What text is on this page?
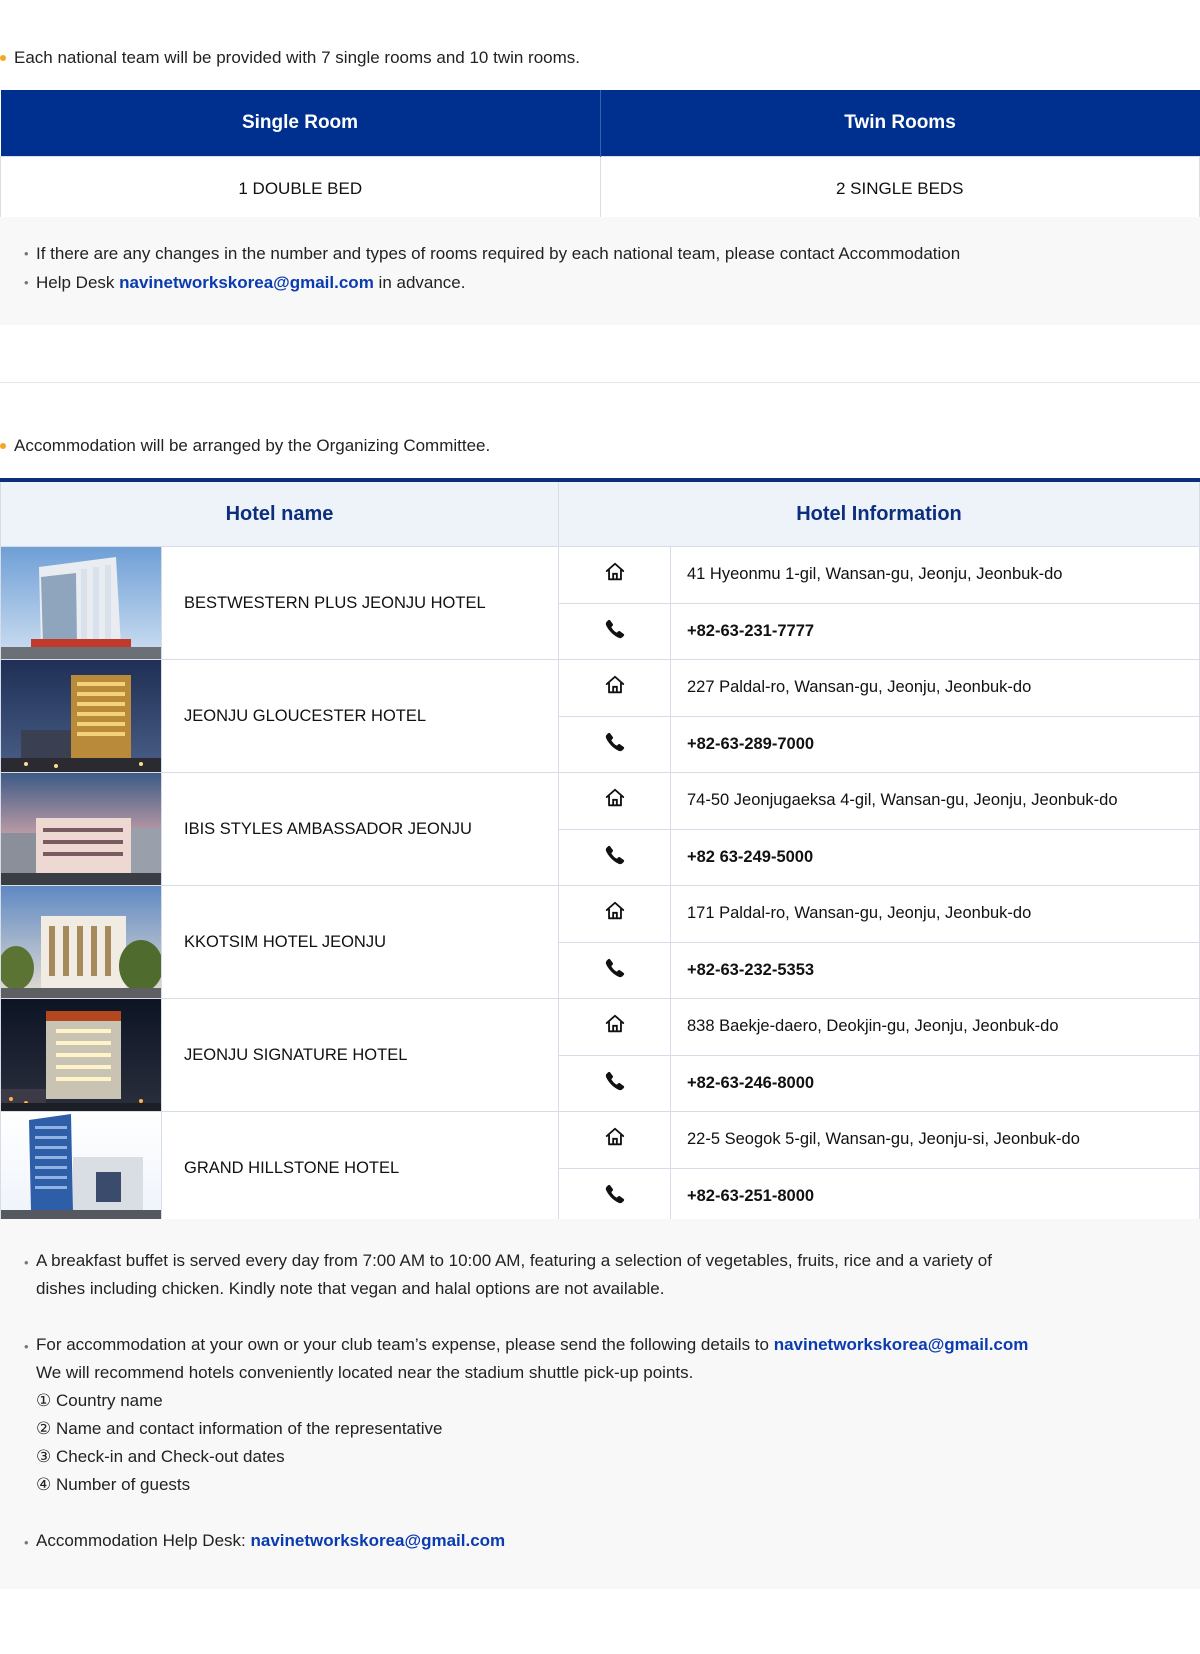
Each national team will be provided with 7 single rooms and 10 twin rooms.
Single Room	Twin Rooms
1 DOUBLE BED	2 SINGLE BEDS

• If there are any changes in the number and types of rooms required by each national team, please contact Accommodation

• Help Desk navinetworkskorea@gmail.com in advance.

Accommodation will be arranged by the Organizing Committee.
Hotel name		Hotel Information	

	BESTWESTERN PLUS JEONJU HOTEL		41 Hyeonmu 1-gil, Wansan-gu, Jeonju, Jeonbuk-do
	+82-63-231-7777

	JEONJU GLOUCESTER HOTEL		227 Paldal-ro, Wansan-gu, Jeonju, Jeonbuk-do
	+82-63-289-7000

	IBIS STYLES AMBASSADOR JEONJU		74-50 Jeonjugaeksa 4-gil, Wansan-gu, Jeonju, Jeonbuk-do
	+82 63-249-5000

	KKOTSIM HOTEL JEONJU		171 Paldal-ro, Wansan-gu, Jeonju, Jeonbuk-do
	+82-63-232-5353

	JEONJU SIGNATURE HOTEL		838 Baekje-daero, Deokjin-gu, Jeonju, Jeonbuk-do
	+82-63-246-8000

	GRAND HILLSTONE HOTEL		22-5 Seogok 5-gil, Wansan-gu, Jeonju-si, Jeonbuk-do
	+82-63-251-8000

• A breakfast buffet is served every day from 7:00 AM to 10:00 AM, featuring a selection of vegetables, fruits, rice and a variety of

dishes including chicken. Kindly note that vegan and halal options are not available.

• For accommodation at your own or your club team’s expense, please send the following details to navinetworkskorea@gmail.com

We will recommend hotels conveniently located near the stadium shuttle pick-up points.

① Country name

② Name and contact information of the representative

③ Check-in and Check-out dates

④ Number of guests

• Accommodation Help Desk: navinetworkskorea@gmail.com
